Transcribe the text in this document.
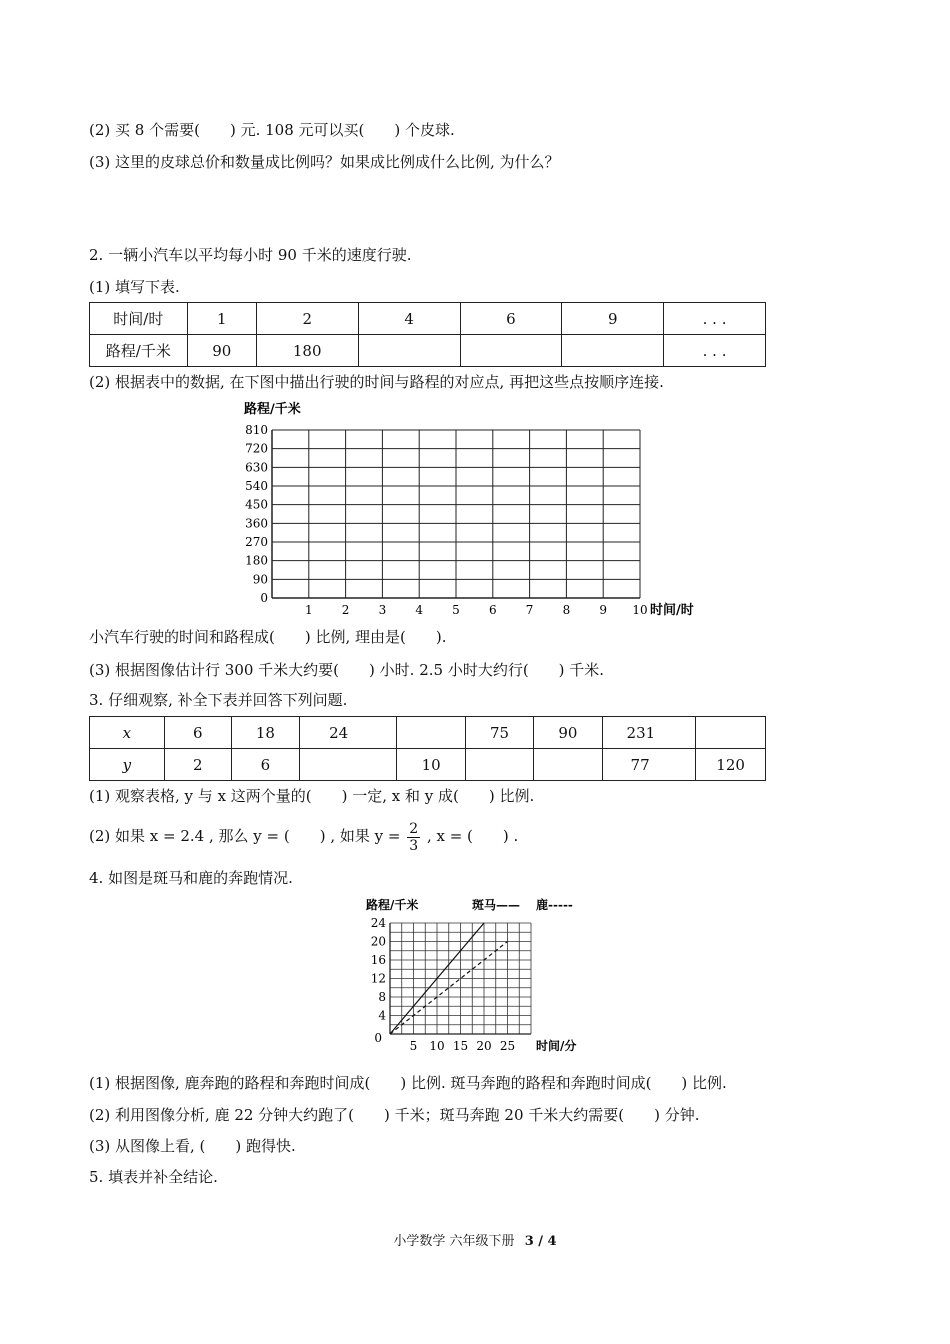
(2) 买 8 个需要(　　) 元. 108 元可以买(　　) 个皮球.
(3) 这里的皮球总价和数量成比例吗？如果成比例成什么比例, 为什么？
2. 一辆小汽车以平均每小时 90 千米的速度行驶.
(1) 填写下表.
时间/时	1	2	4	6	9	. . .
路程/千米	90	180				. . .
(2) 根据表中的数据, 在下图中描出行驶的时间与路程的对应点, 再把这些点按顺序连接.
路程/千米
0
90
180
270
360
450
540
630
720
810
1 2 3 4 5 6 7 8 9 10 时间/时
小汽车行驶的时间和路程成(　　) 比例, 理由是(　　).
(3) 根据图像估计行 300 千米大约要(　　) 小时. 2.5 小时大约行(　　) 千米.
3. 仔细观察, 补全下表并回答下列问题.
x	6	18	24		75	90	231	
y	2	6		10			77	120
(1) 观察表格, y 与 x 这两个量的(　　) 一定, x 和 y 成(　　) 比例.
(2) 如果 x = 2.4 , 那么 y = (　　) , 如果 $y = \frac{2}{3}$ , x = (　　) .
4. 如图是斑马和鹿的奔跑情况.
路程/千米	斑马—— 鹿-----
0
4
8
12
16
20
24
5 10 15 20 25 时间/分
(1) 根据图像, 鹿奔跑的路程和奔跑时间成(　　) 比例. 斑马奔跑的路程和奔跑时间成(　　) 比例.
(2) 利用图像分析, 鹿 22 分钟大约跑了(　　) 千米；斑马奔跑 20 千米大约需要(　　) 分钟.
(3) 从图像上看, (　　) 跑得快.
5. 填表并补全结论.
小学数学 六年级下册 3 / 4
